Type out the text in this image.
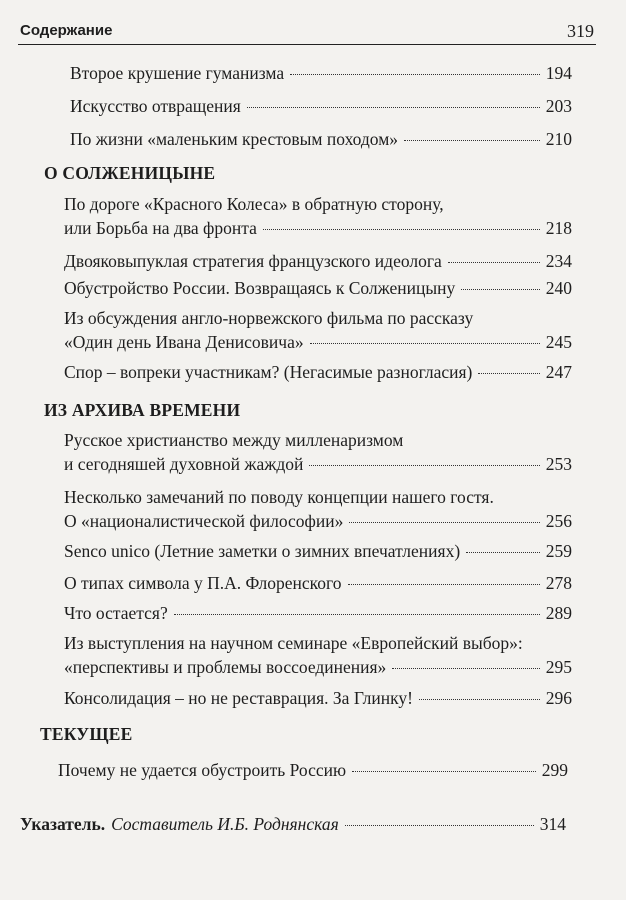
Содержание	319
Второе крушение гуманизма	194
Искусство отвращения	203
По жизни «маленьким крестовым походом»	210
О СОЛЖЕНИЦЫНЕ
По дороге «Красного Колеса» в обратную сторону,
или Борьба на два фронта	218
Двояковыпуклая стратегия французского идеолога	234
Обустройство России. Возвращаясь к Солженицыну	240
Из обсуждения англо-норвежского фильма по рассказу
«Один день Ивана Денисовича»	245
Спор – вопреки участникам? (Негасимые разногласия)	247
ИЗ АРХИВА ВРЕМЕНИ
Русское христианство между милленаризмом
и сегодняшей духовной жаждой	253
Несколько замечаний по поводу концепции нашего гостя.
О «националистической философии»	256
Senco unico (Летние заметки о зимних впечатлениях)	259
О типах символа у П.А. Флоренского	278
Что остается?	289
Из выступления на научном семинаре «Европейский выбор»:
«перспективы и проблемы воссоединения»	295
Консолидация – но не реставрация. За Глинку!	296
ТЕКУЩЕЕ
Почему не удается обустроить Россию	299
Указатель. Составитель И.Б. Роднянская	314
